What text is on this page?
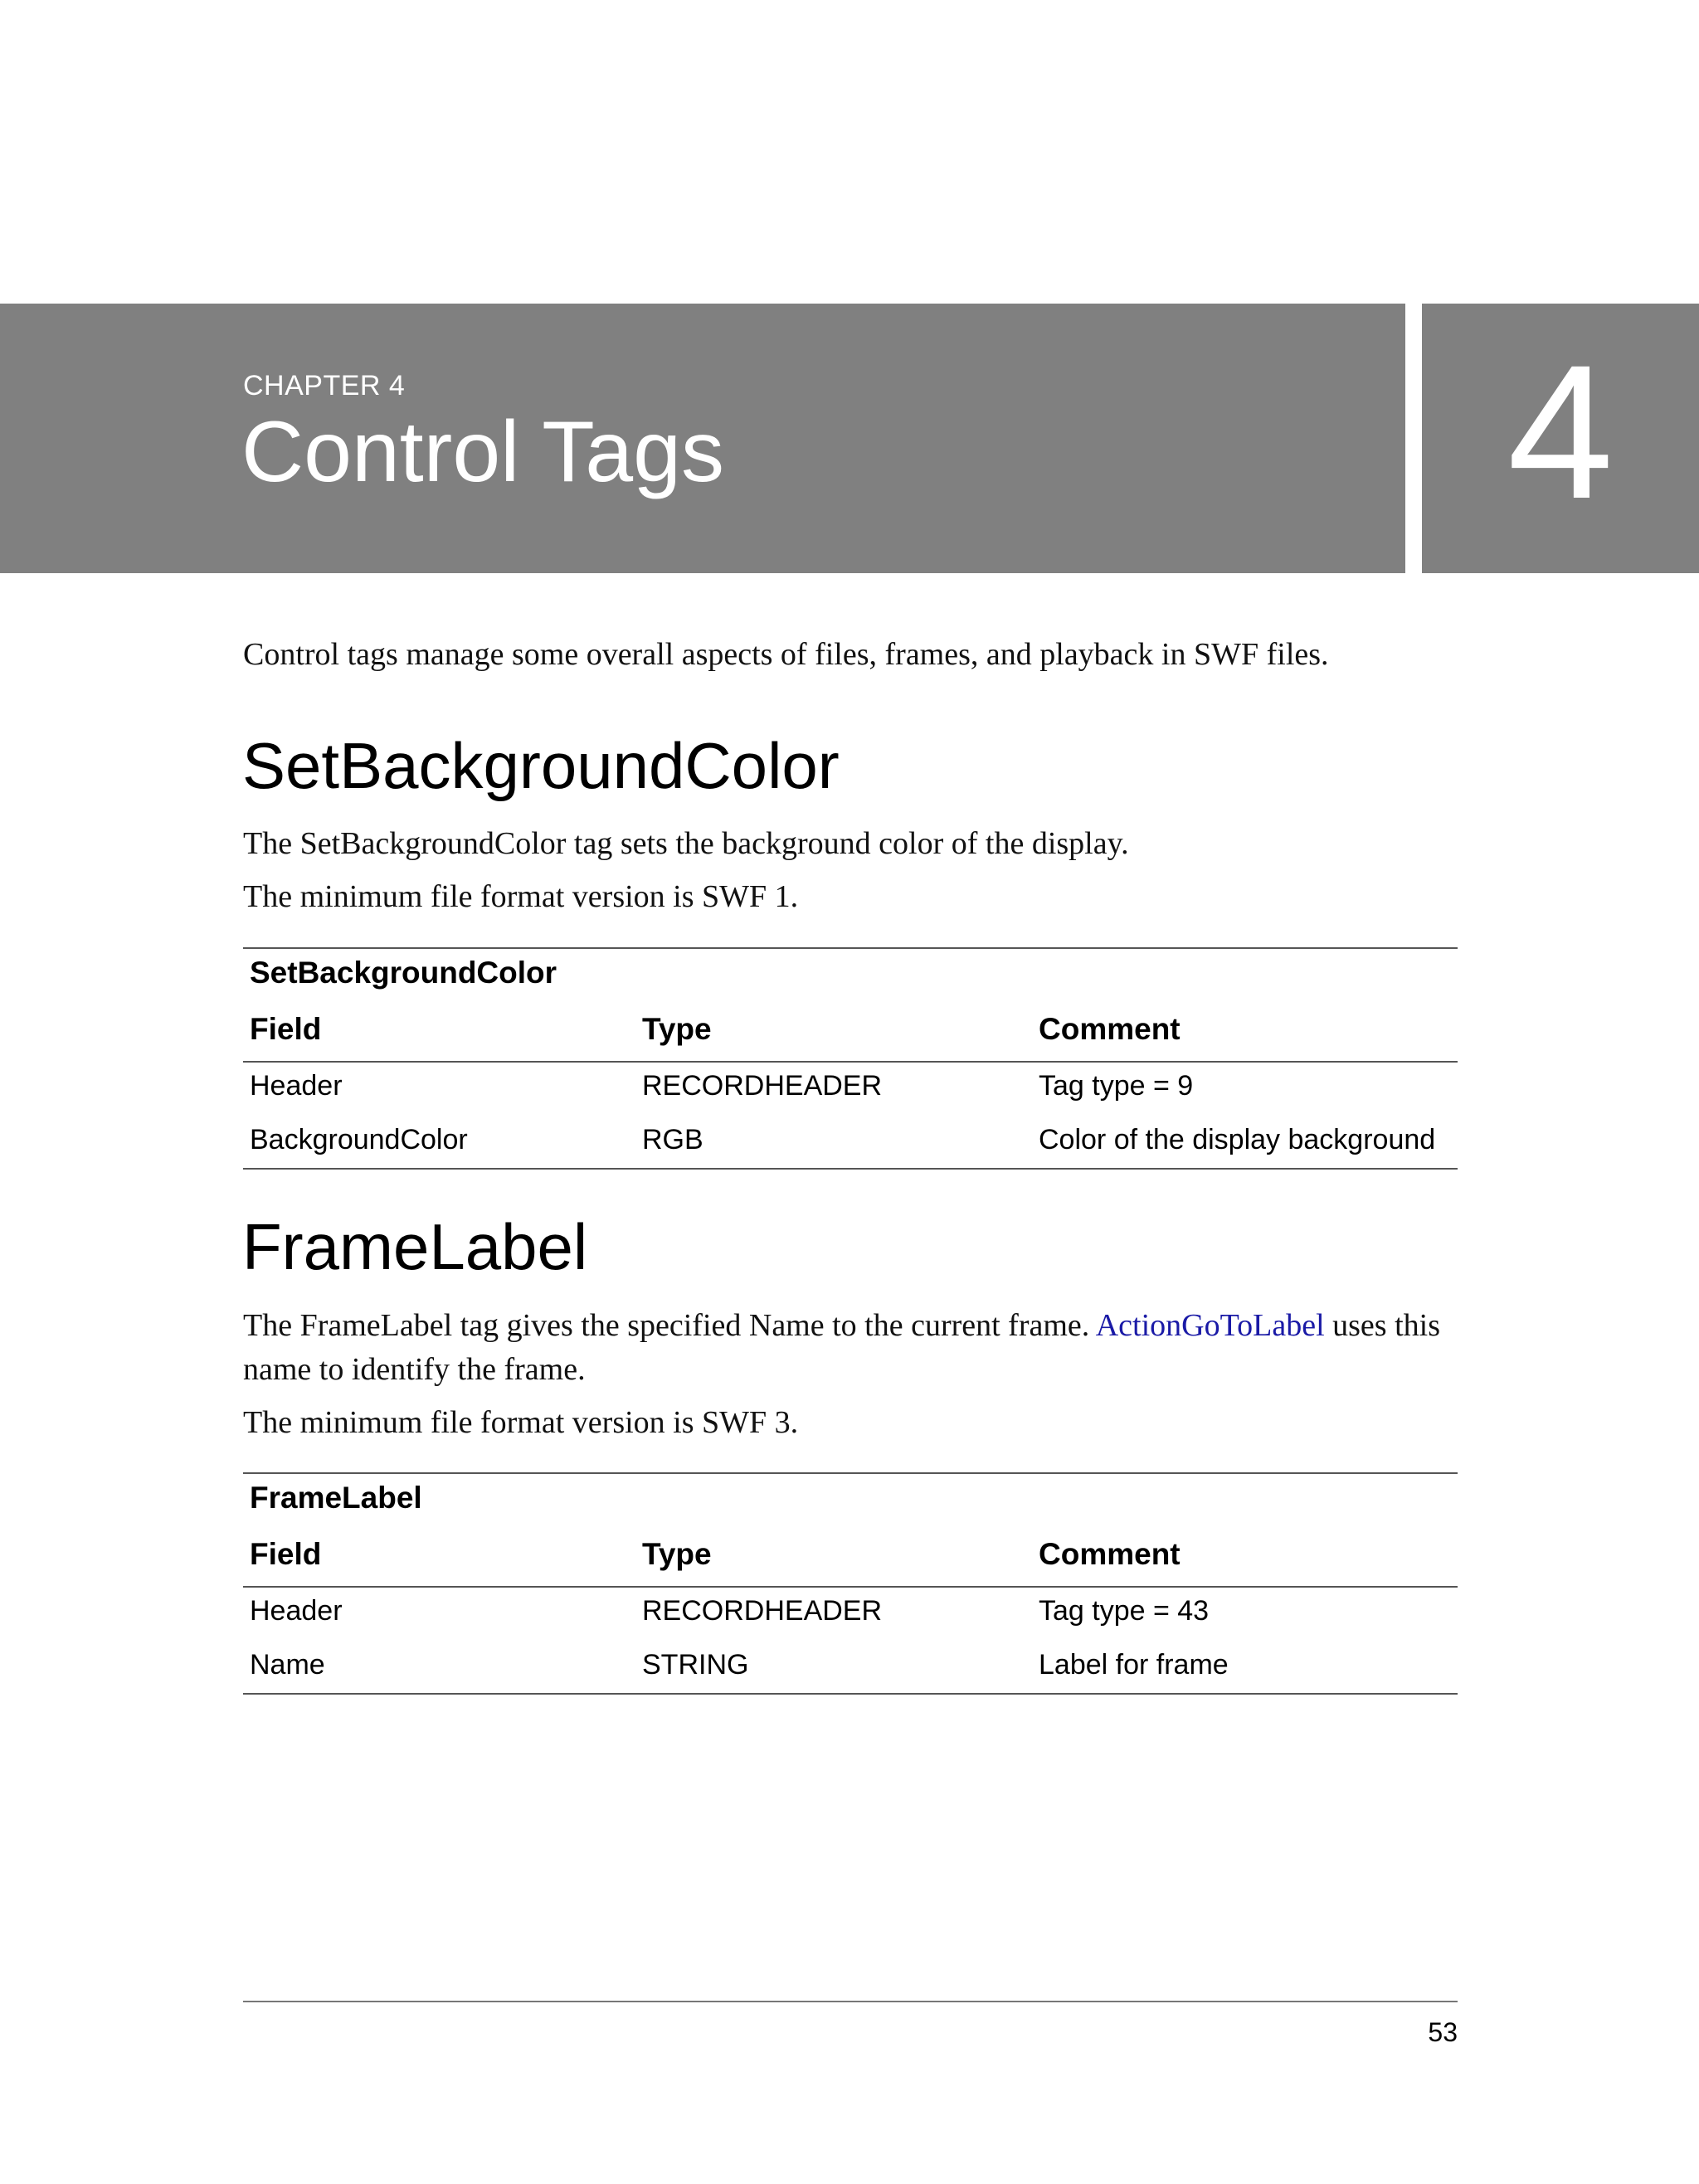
CHAPTER 4
Control Tags	4
Control tags manage some overall aspects of files, frames, and playback in SWF files.
SetBackgroundColor
The SetBackgroundColor tag sets the background color of the display.
The minimum file format version is SWF 1.
SetBackgroundColor
Field	Type	Comment
Header	RECORDHEADER	Tag type = 9
BackgroundColor	RGB	Color of the display background
FrameLabel
The FrameLabel tag gives the specified Name to the current frame. ActionGoToLabel uses this name to identify the frame.
The minimum file format version is SWF 3.
FrameLabel
Field	Type	Comment
Header	RECORDHEADER	Tag type = 43
Name	STRING	Label for frame
53
